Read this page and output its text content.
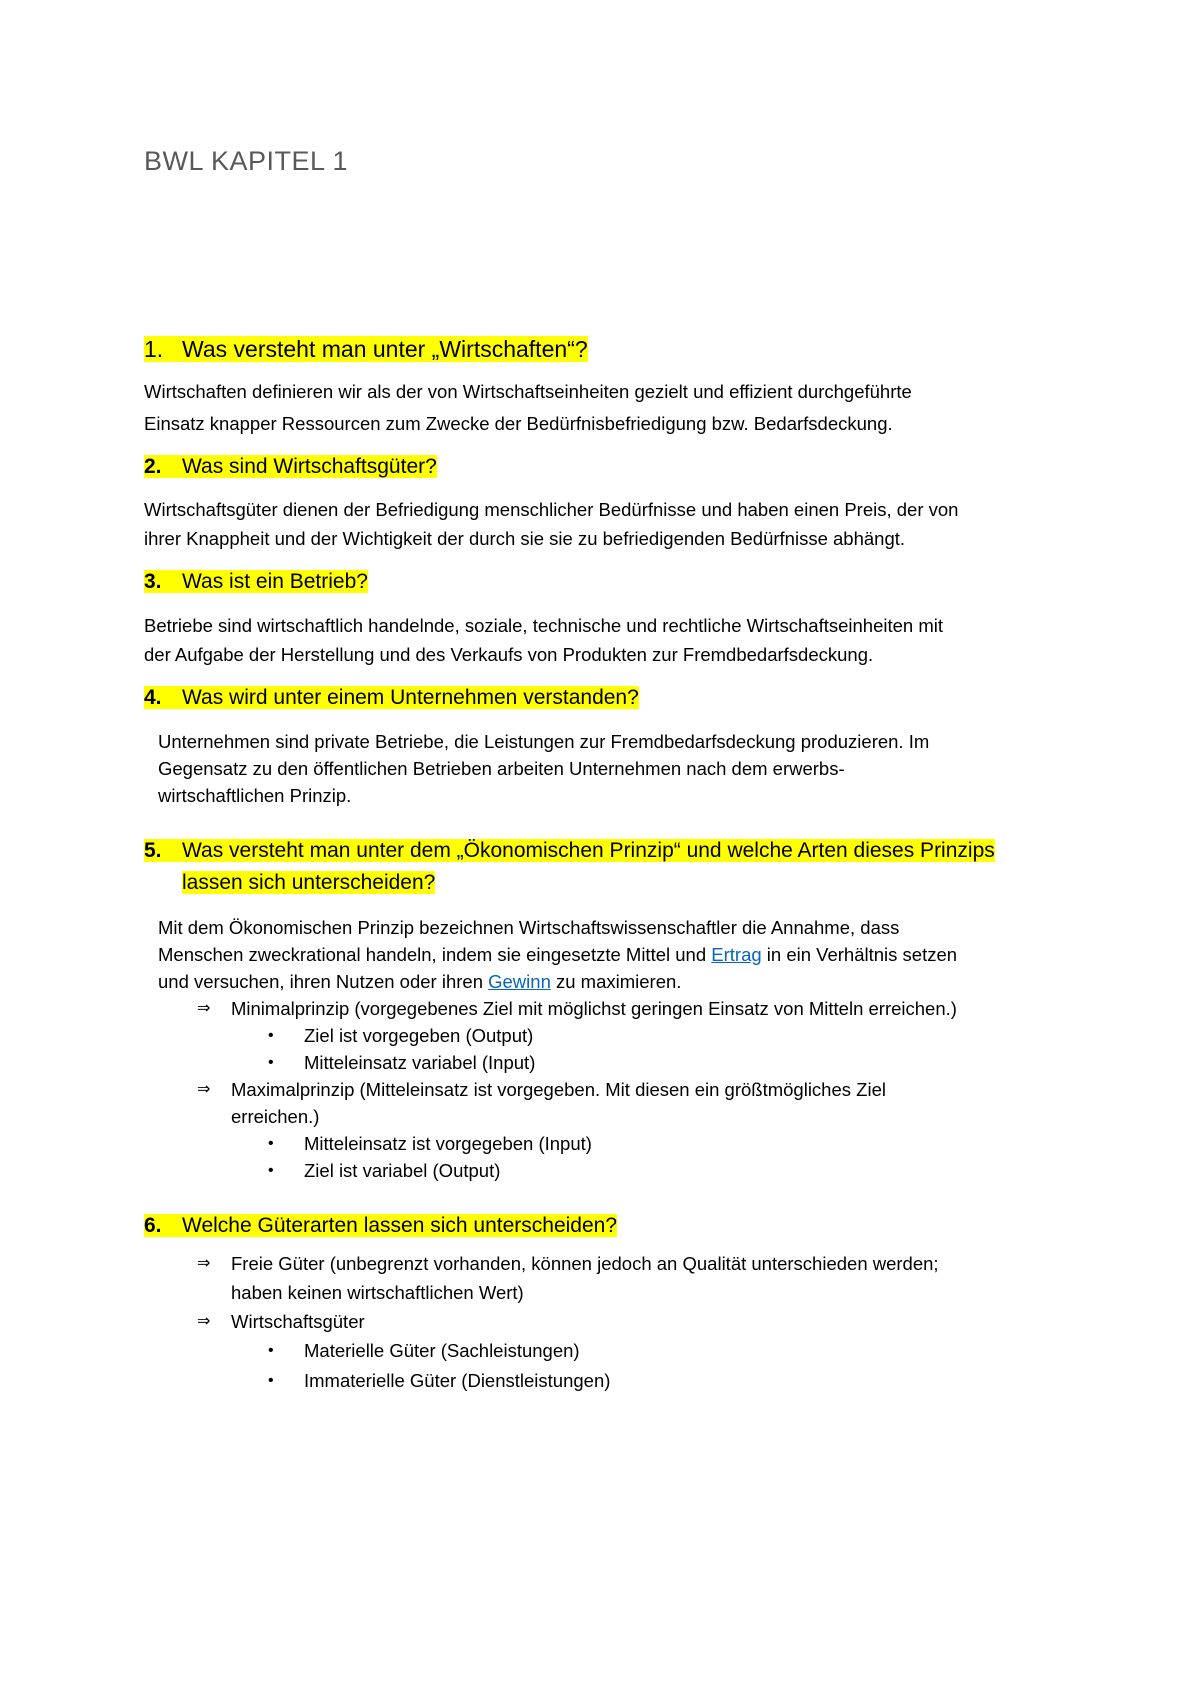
BWL KAPITEL 1
1. Was versteht man unter „Wirtschaften“?

Wirtschaften definieren wir als der von Wirtschaftseinheiten gezielt und effizient durchgeführte

Einsatz knapper Ressourcen zum Zwecke der Bedürfnisbefriedigung bzw. Bedarfsdeckung.

2. Was sind Wirtschaftsgüter?

Wirtschaftsgüter dienen der Befriedigung menschlicher Bedürfnisse und haben einen Preis, der von

ihrer Knappheit und der Wichtigkeit der durch sie sie zu befriedigenden Bedürfnisse abhängt.

3. Was ist ein Betrieb?

Betriebe sind wirtschaftlich handelnde, soziale, technische und rechtliche Wirtschaftseinheiten mit

der Aufgabe der Herstellung und des Verkaufs von Produkten zur Fremdbedarfsdeckung.

4. Was wird unter einem Unternehmen verstanden?

Unternehmen sind private Betriebe, die Leistungen zur Fremdbedarfsdeckung produzieren. Im

Gegensatz zu den öffentlichen Betrieben arbeiten Unternehmen nach dem erwerbs-

wirtschaftlichen Prinzip.

5. Was versteht man unter dem „Ökonomischen Prinzip“ und welche Arten dieses Prinzips
lassen sich unterscheiden?

Mit dem Ökonomischen Prinzip bezeichnen Wirtschaftswissenschaftler die Annahme, dass

Menschen zweckrational handeln, indem sie eingesetzte Mittel und Ertrag in ein Verhältnis setzen

und versuchen, ihren Nutzen oder ihren Gewinn zu maximieren.

⇒ Minimalprinzip (vorgegebenes Ziel mit möglichst geringen Einsatz von Mitteln erreichen.)

• Ziel ist vorgegeben (Output)

• Mitteleinsatz variabel (Input)

⇒ Maximalprinzip (Mitteleinsatz ist vorgegeben. Mit diesen ein größtmögliches Ziel

erreichen.)

• Mitteleinsatz ist vorgegeben (Input)

• Ziel ist variabel (Output)

6. Welche Güterarten lassen sich unterscheiden?

⇒ Freie Güter (unbegrenzt vorhanden, können jedoch an Qualität unterschieden werden;

haben keinen wirtschaftlichen Wert)

⇒ Wirtschaftsgüter

• Materielle Güter (Sachleistungen)

• Immaterielle Güter (Dienstleistungen)
